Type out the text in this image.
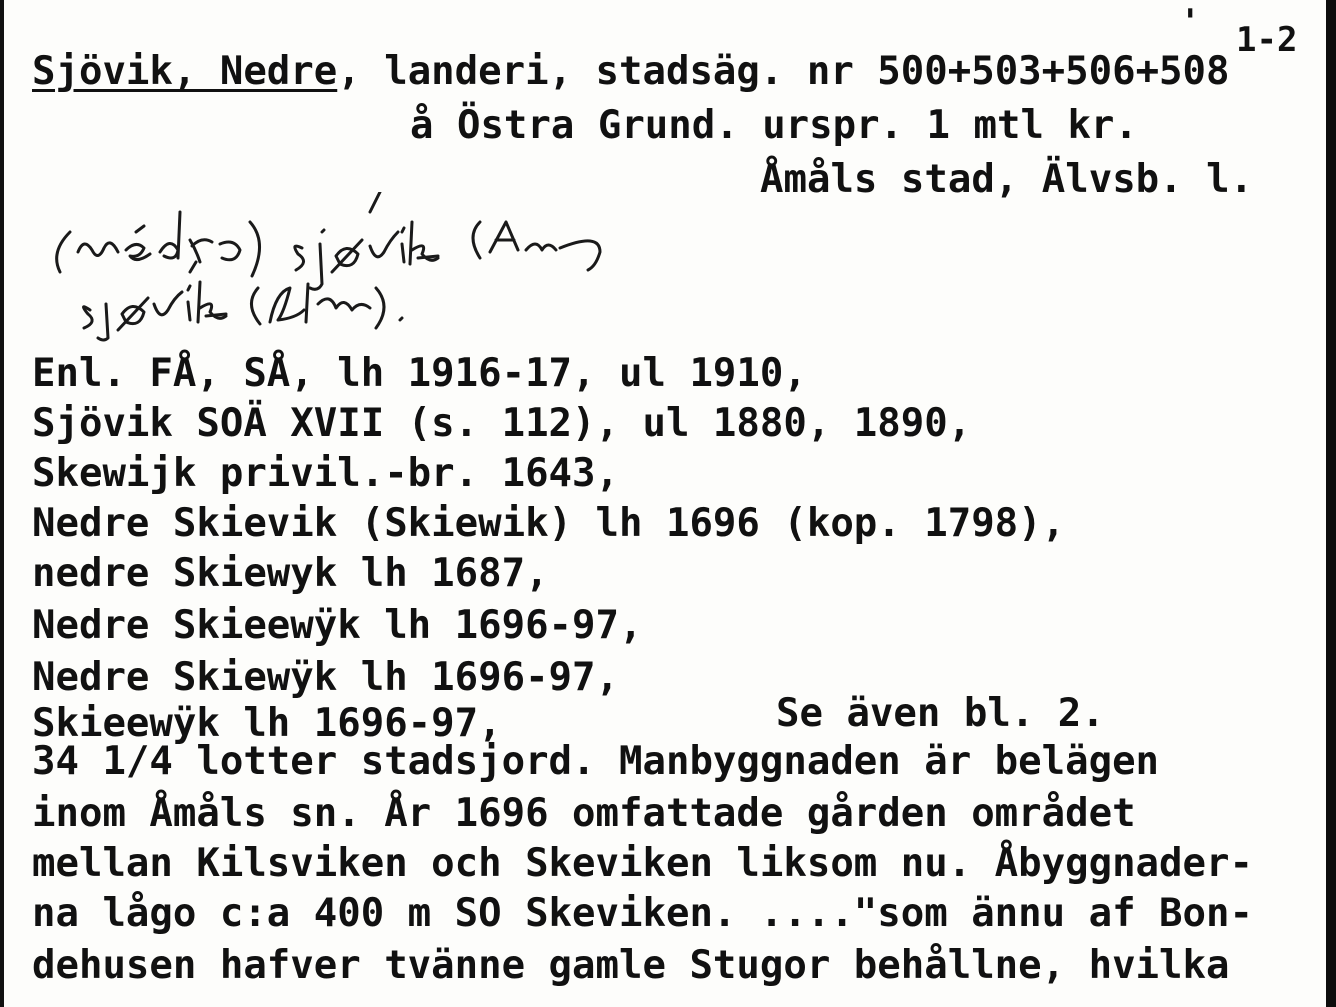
' 1-2
Sjövik, Nedre, landeri, stadsäg. nr 500+503+506+508
å Östra Grund. urspr. 1 mtl kr.
Åmåls stad, Älvsb. l.
Enl. FÅ, SÅ, lh 1916-17, ul 1910,
Sjövik SOÄ XVII (s. 112), ul 1880, 1890,
Skewijk privil.-br. 1643,
Nedre Skievik (Skiewik) lh 1696 (kop. 1798),
nedre Skiewyk lh 1687,
Nedre Skieewÿk lh 1696-97,
Nedre Skiewÿk lh 1696-97,
Skieewÿk lh 1696-97,	Se även bl. 2.
34 1/4 lotter stadsjord. Manbyggnaden är belägen
inom Åmåls sn. År 1696 omfattade gården området
mellan Kilsviken och Skeviken liksom nu. Åbyggnader-
na lågo c:a 400 m SO Skeviken. ...."som ännu af Bon-
dehusen hafver tvänne gamle Stugor behållne, hvilka
